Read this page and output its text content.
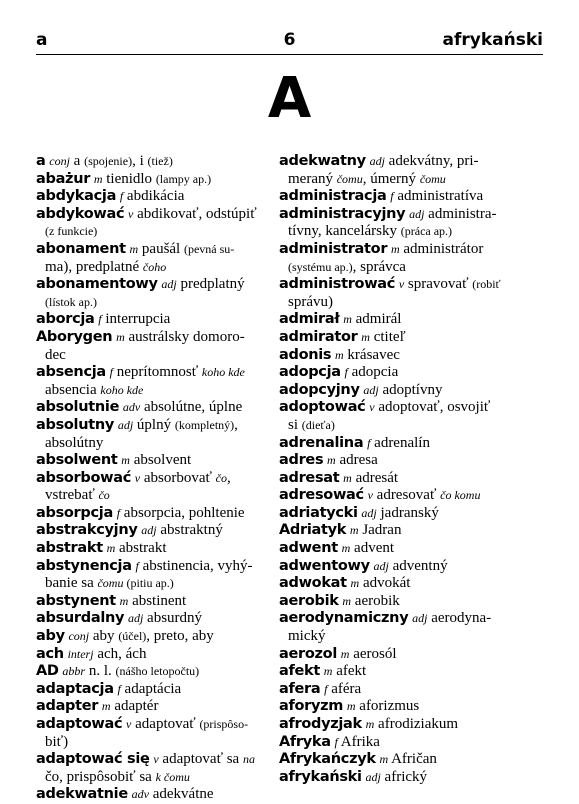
a	6	afrykański
A
a conj a (spojenie), i (tiež)
abażur m tienidlo (lampy ap.)
abdykacja f abdikácia
abdykować v abdikovať, odstúpiť
(z funkcie)
abonament m paušál (pevná su-
ma), predplatné čoho
abonamentowy adj predplatný
(lístok ap.)
aborcja f interrupcia
Aborygen m austrálsky domoro-
dec
absencja f neprítomnosť koho kde
absencia koho kde
absolutnie adv absolútne, úplne
absolutny adj úplný (kompletný),
absolútny
absolwent m absolvent
absorbować v absorbovať čo,
vstrebať čo
absorpcja f absorpcia, pohltenie
abstrakcyjny adj abstraktný
abstrakt m abstrakt
abstynencja f abstinencia, vyhý-
banie sa čomu (pitiu ap.)
abstynent m abstinent
absurdalny adj absurdný
aby conj aby (účel), preto, aby
ach interj ach, ách
AD abbr n. l. (nášho letopočtu)
adaptacja f adaptácia
adapter m adaptér
adaptować v adaptovať (prispôso-
biť)
adaptować się v adaptovať sa na
čo, prispôsobiť sa k čomu
adekwatnie adv adekvátne
adekwatny adj adekvátny, pri-
meraný čomu, úmerný čomu
administracja f administratíva
administracyjny adj administra-
tívny, kancelársky (práca ap.)
administrator m administrátor
(systému ap.), správca
administrować v spravovať (robiť
správu)
admirał m admirál
admirator m ctiteľ
adonis m krásavec
adopcja f adopcia
adopcyjny adj adoptívny
adoptować v adoptovať, osvojiť
si (dieťa)
adrenalina f adrenalín
adres m adresa
adresat m adresát
adresować v adresovať čo komu
adriatycki adj jadranský
Adriatyk m Jadran
adwent m advent
adwentowy adj adventný
adwokat m advokát
aerobik m aerobik
aerodynamiczny adj aerodyna-
mický
aerozol m aerosól
afekt m afekt
afera f aféra
aforyzm m aforizmus
afrodyzjak m afrodiziakum
Afryka f Afrika
Afrykańczyk m Afričan
afrykański adj africký
